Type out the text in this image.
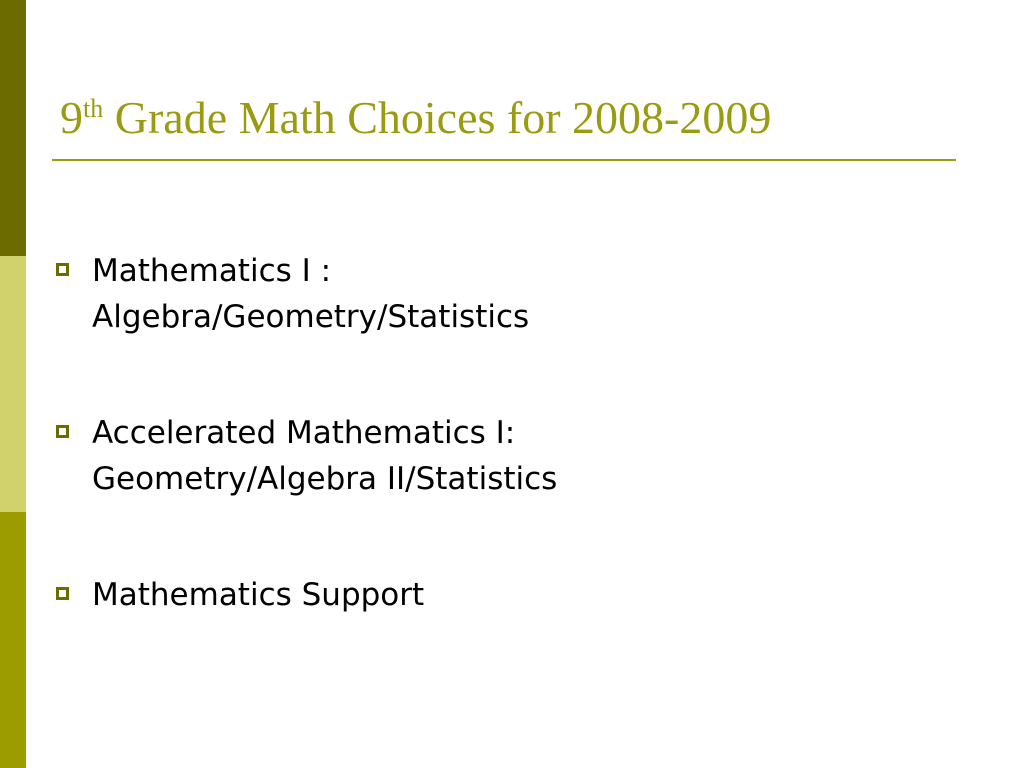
9th Grade Math Choices for 2008-2009
Mathematics I :
Algebra/Geometry/Statistics
Accelerated Mathematics I:
Geometry/Algebra II/Statistics
Mathematics Support
